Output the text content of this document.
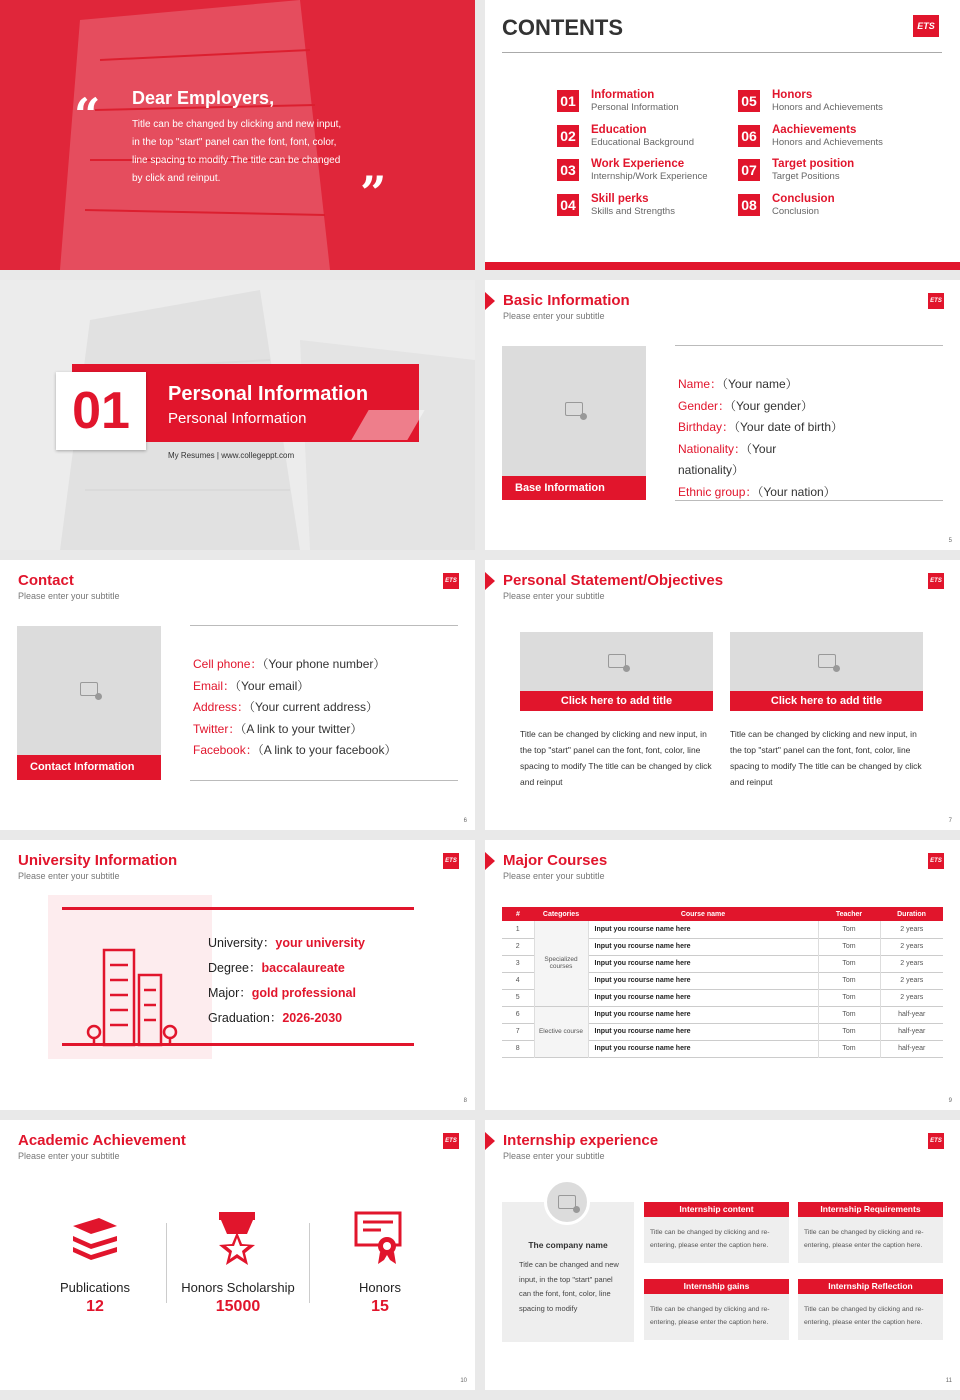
“
”
Dear Employers,
Title can be changed by clicking and new input, in the top "start" panel can the font, font, color, line spacing to modify The title can be changed by click and reinput.
CONTENTS	ETS
01 Information
Personal Information
02 Education
Educational Background
03 Work Experience
Internship/Work Experience
04 Skill perks
Skills and Strengths
05 Honors
Honors and Achievements
06 Aachievements
Honors and Achievements
07 Target position
Target Positions
08 Conclusion
Conclusion
01	Personal Information
Personal Information
My Resumes | www.collegeppt.com
Basic Information
Please enter your subtitle
ETS
Base Information
Name：（Your name）
Gender：（Your gender）
Birthday：（Your date of birth）
Nationality：（Your
nationality）
Ethnic group：（Your nation）
5
Contact
Please enter your subtitle
ETS
Contact Information
Cell phone：（Your phone number）
Email：（Your email）
Address：（Your current address）
Twitter：（A link to your twitter）
Facebook：（A link to your facebook）
6
Personal Statement/Objectives
Please enter your subtitle
ETS
Click here to add title
Title can be changed by clicking and new input, in the top "start" panel can the font, font, color, line spacing to modify The title can be changed by click and reinput
Click here to add title
Title can be changed by clicking and new input, in the top "start" panel can the font, font, color, line spacing to modify The title can be changed by click and reinput
7
University Information
Please enter your subtitle
ETS
University：your university
Degree：baccalaureate
Major：gold professional
Graduation：2026-2030
8
Major Courses
Please enter your subtitle
ETS
#	Categories	Course name	Teacher	Duration
1	Specialized courses	Input you rcourse name here	Tom	2 years
2		Input you rcourse name here	Tom	2 years
3		Input you rcourse name here	Tom	2 years
4		Input you rcourse name here	Tom	2 years
5		Input you rcourse name here	Tom	2 years
6	Elective course	Input you rcourse name here	Tom	half-year
7		Input you rcourse name here	Tom	half-year
8		Input you rcourse name here	Tom	half-year
9
Academic Achievement
Please enter your subtitle
ETS
Publications
12
Honors Scholarship
15000
Honors
15
10
Internship experience
Please enter your subtitle
ETS
The company name
Title can be changed and new input, in the top "start" panel can the font, font, color, line spacing to modify
Internship content
Title can be changed by clicking and re-entering, please enter the caption here.
Internship Requirements
Title can be changed by clicking and re-entering, please enter the caption here.
Internship gains
Title can be changed by clicking and re-entering, please enter the caption here.
Internship Reflection
Title can be changed by clicking and re-entering, please enter the caption here.
11
